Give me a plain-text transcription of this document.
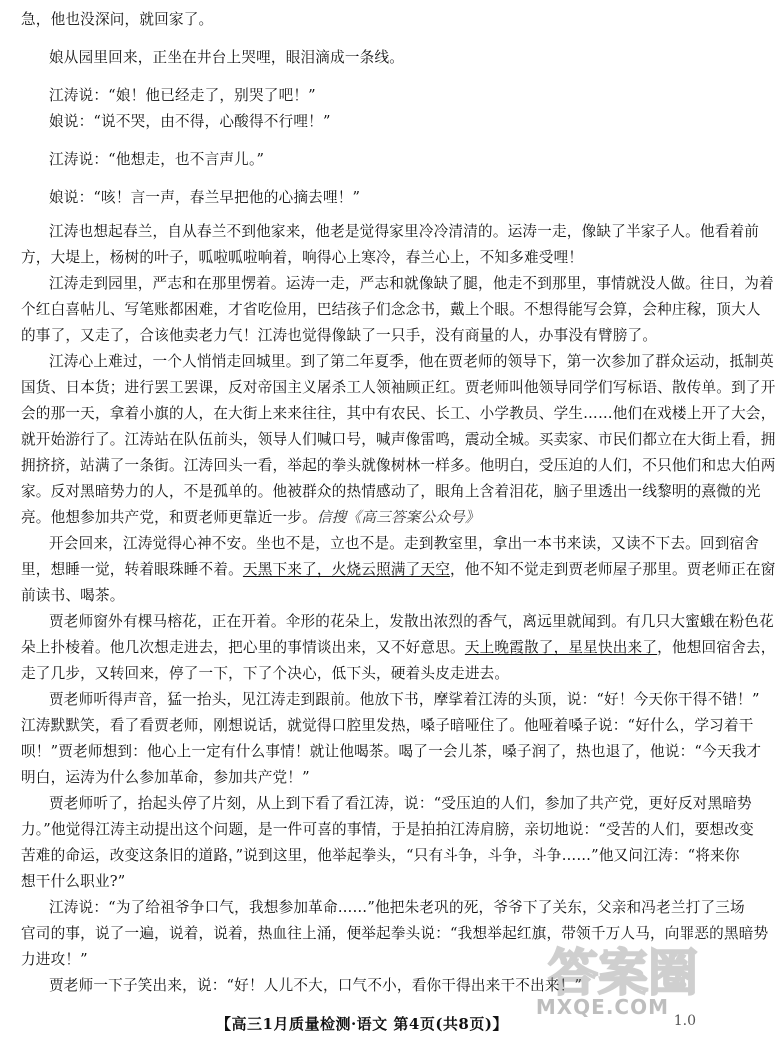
急，他也没深问，就回家了。
娘从园里回来，正坐在井台上哭哩，眼泪滴成一条线。
江涛说：“娘！他已经走了，别哭了吧！”
娘说：“说不哭，由不得，心酸得不行哩！”
江涛说：“他想走，也不言声儿。”
娘说：“咳！言一声，春兰早把他的心摘去哩！”
江涛也想起春兰，自从春兰不到他家来，他老是觉得家里冷冷清清的。运涛一走，像缺了半家子人。他看着前
方，大堤上，杨树的叶子，呱啦呱啦响着，响得心上寒冷，春兰心上，不知多难受哩！
江涛走到园里，严志和在那里愣着。运涛一走，严志和就像缺了腿，他走不到那里，事情就没人做。往日，为着
个红白喜帖儿、写笔账都困难，才省吃俭用，巴结孩子们念念书，戴上个眼。不想得能写会算，会种庄稼，顶大人
的事了，又走了，合该他卖老力气！江涛也觉得像缺了一只手，没有商量的人，办事没有臂膀了。
江涛心上难过，一个人悄悄走回城里。到了第二年夏季，他在贾老师的领导下，第一次参加了群众运动，抵制英
国货、日本货；进行罢工罢课，反对帝国主义屠杀工人领袖顾正红。贾老师叫他领导同学们写标语、散传单。到了开
会的那一天，拿着小旗的人，在大街上来来往往，其中有农民、长工、小学教员、学生……他们在戏楼上开了大会，
就开始游行了。江涛站在队伍前头，领导人们喊口号，喊声像雷鸣，震动全城。买卖家、市民们都立在大街上看，拥
拥挤挤，站满了一条街。江涛回头一看，举起的拳头就像树林一样多。他明白，受压迫的人们，不只他们和忠大伯两
家。反对黑暗势力的人，不是孤单的。他被群众的热情感动了，眼角上含着泪花，脑子里透出一线黎明的熹微的光
亮。他想参加共产党，和贾老师更靠近一步。信搜《高三答案公众号》
开会回来，江涛觉得心神不安。坐也不是，立也不是。走到教室里，拿出一本书来读，又读不下去。回到宿舍
里，想睡一觉，转着眼珠睡不着。天黑下来了，火烧云照满了天空，他不知不觉走到贾老师屋子那里。贾老师正在窗
前读书、喝茶。
贾老师窗外有棵马榕花，正在开着。伞形的花朵上，发散出浓烈的香气，离远里就闻到。有几只大蜜蛾在粉色花
朵上扑棱着。他几次想走进去，把心里的事情谈出来，又不好意思。天上晚霞散了，星星快出来了，他想回宿舍去，
走了几步，又转回来，停了一下，下了个决心，低下头，硬着头皮走进去。
贾老师听得声音，猛一抬头，见江涛走到跟前。他放下书，摩挲着江涛的头顶，说：“好！今天你干得不错！”
江涛默默笑，看了看贾老师，刚想说话，就觉得口腔里发热，嗓子暗哑住了。他哑着嗓子说：“好什么，学习着干
呗！”贾老师想到：他心上一定有什么事情！就让他喝茶。喝了一会儿茶，嗓子润了，热也退了，他说：“今天我才
明白，运涛为什么参加革命，参加共产党！”
贾老师听了，抬起头停了片刻，从上到下看了看江涛，说：“受压迫的人们，参加了共产党，更好反对黑暗势
力。”他觉得江涛主动提出这个问题，是一件可喜的事情，于是拍拍江涛肩膀，亲切地说：“受苦的人们，要想改变
苦难的命运，改变这条旧的道路，”说到这里，他举起拳头，“只有斗争，斗争，斗争……”他又问江涛：“将来你
想干什么职业?”
江涛说：“为了给祖爷争口气，我想参加革命……”他把朱老巩的死，爷爷下了关东，父亲和冯老兰打了三场
官司的事，说了一遍，说着，说着，热血往上涌，便举起拳头说：“我想举起红旗，带领千万人马，向罪恶的黑暗势
力进攻！”
贾老师一下子笑出来，说：“好！人儿不大，口气不小，看你干得出来干不出来！”
答案圈
MXQE.COM
【高三1月质量检测·语文 第4页(共8页)】	1.0
